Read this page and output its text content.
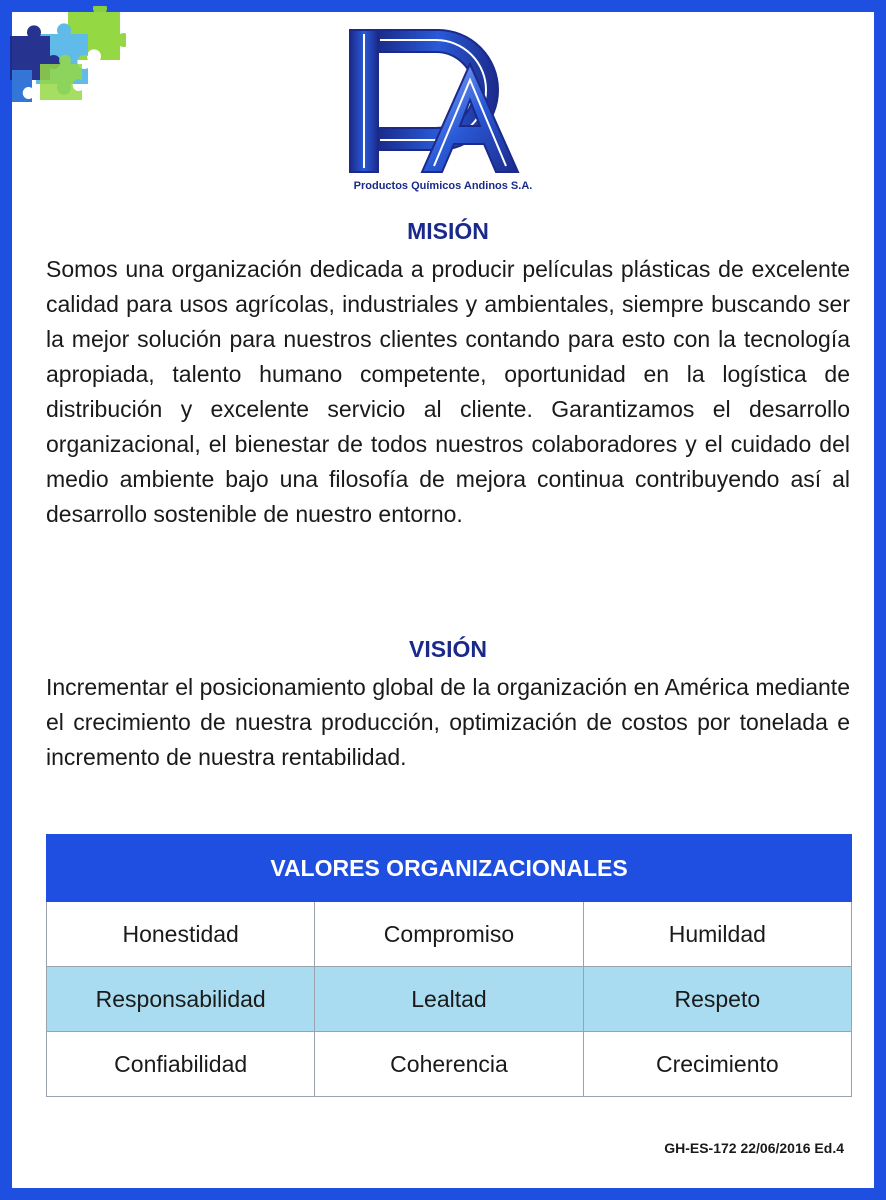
Productos Químicos Andinos S.A.
MISIÓN
Somos una organización dedicada a producir películas plásticas de excelente calidad para usos agrícolas, industriales y ambientales, siempre buscando ser la mejor solución para nuestros clientes contando para esto con la tecnología apropiada, talento humano competente, oportunidad en la logística de distribución y excelente servicio al cliente. Garantizamos el desarrollo organizacional, el bienestar de todos nuestros colaboradores y el cuidado del medio ambiente bajo una filosofía de mejora continua contribuyendo así al desarrollo sostenible de nuestro entorno.
VISIÓN
Incrementar el posicionamiento global de la organización en América mediante el crecimiento de nuestra producción, optimización de costos por tonelada e incremento de nuestra rentabilidad.
VALORES ORGANIZACIONALES		
Honestidad	Compromiso	Humildad
Responsabilidad	Lealtad	Respeto
Confiabilidad	Coherencia	Crecimiento
GH-ES-172 22/06/2016 Ed.4
